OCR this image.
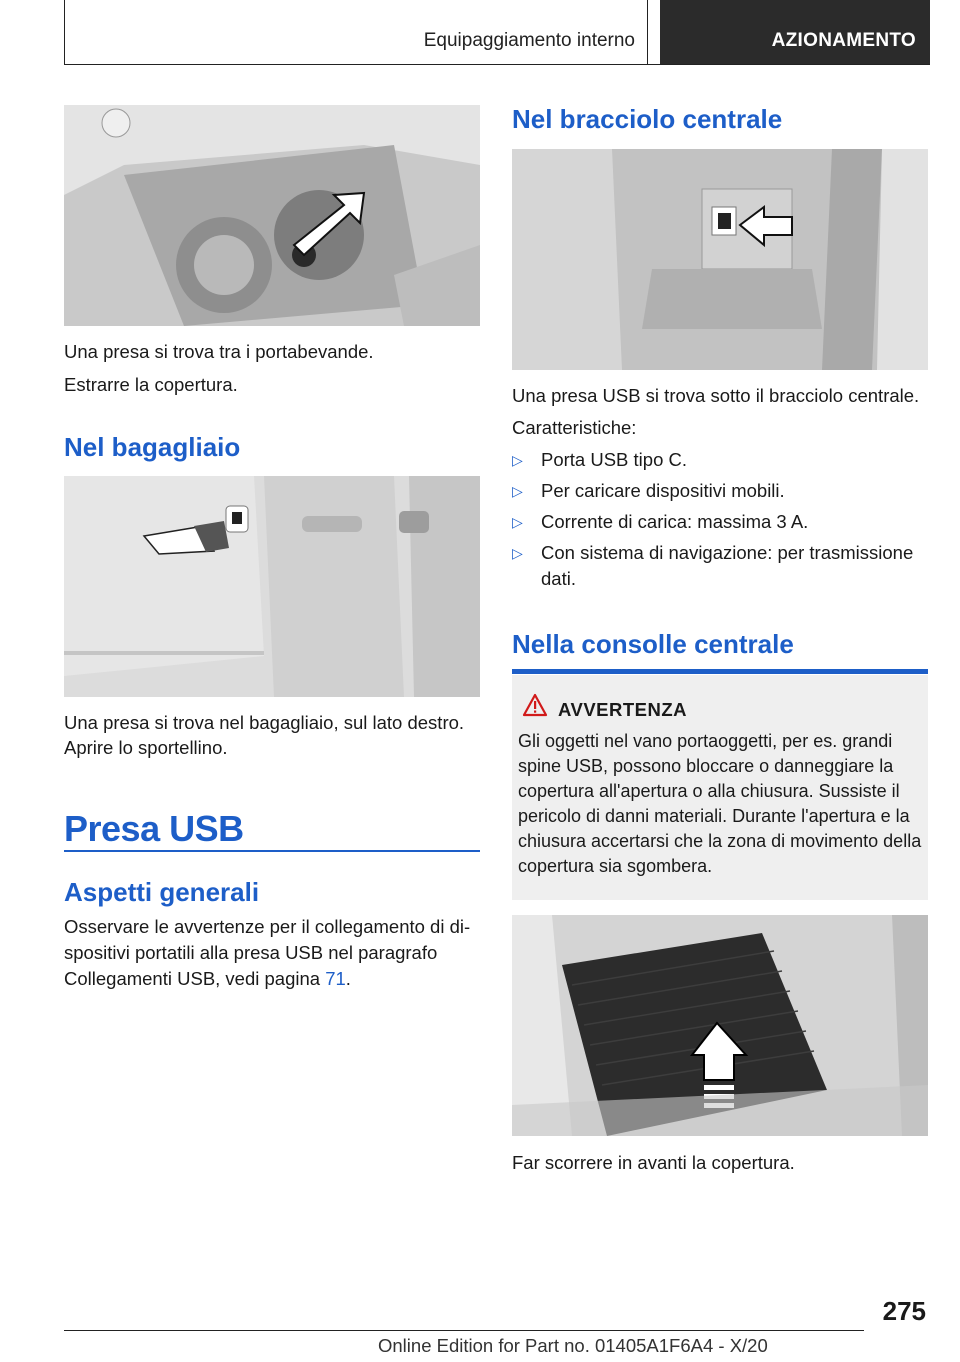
Equipaggiamento interno	AZIONAMENTO

Una presa si trova tra i portabevande.

Estrarre la copertura.

Nel bagagliaio

Una presa si trova nel bagagliaio, sul lato destro.

Aprire lo sportellino.

Presa USB
Aspetti generali

Osservare le avvertenze per il collegamento di di-spositivi portatili alla presa USB nel paragrafo Collegamenti USB, vedi pagina 71.

Nel bracciolo centrale

Una presa USB si trova sotto il bracciolo centrale.

Caratteristiche:

▷ Porta USB tipo C.
▷ Per caricare dispositivi mobili.
▷ Corrente di carica: massima 3 A.
▷ Con sistema di navigazione: per trasmissione dati.
Nella consolle centrale
AVVERTENZA

Gli oggetti nel vano portaoggetti, per es. grandi spine USB, possono bloccare o danneggiare la copertura all'apertura o alla chiusura. Sussiste il pericolo di danni materiali. Durante l'apertura e la chiusura accertarsi che la zona di movimento della copertura sia sgombera.

Far scorrere in avanti la copertura.

275
Online Edition for Part no. 01405A1F6A4 - X/20
